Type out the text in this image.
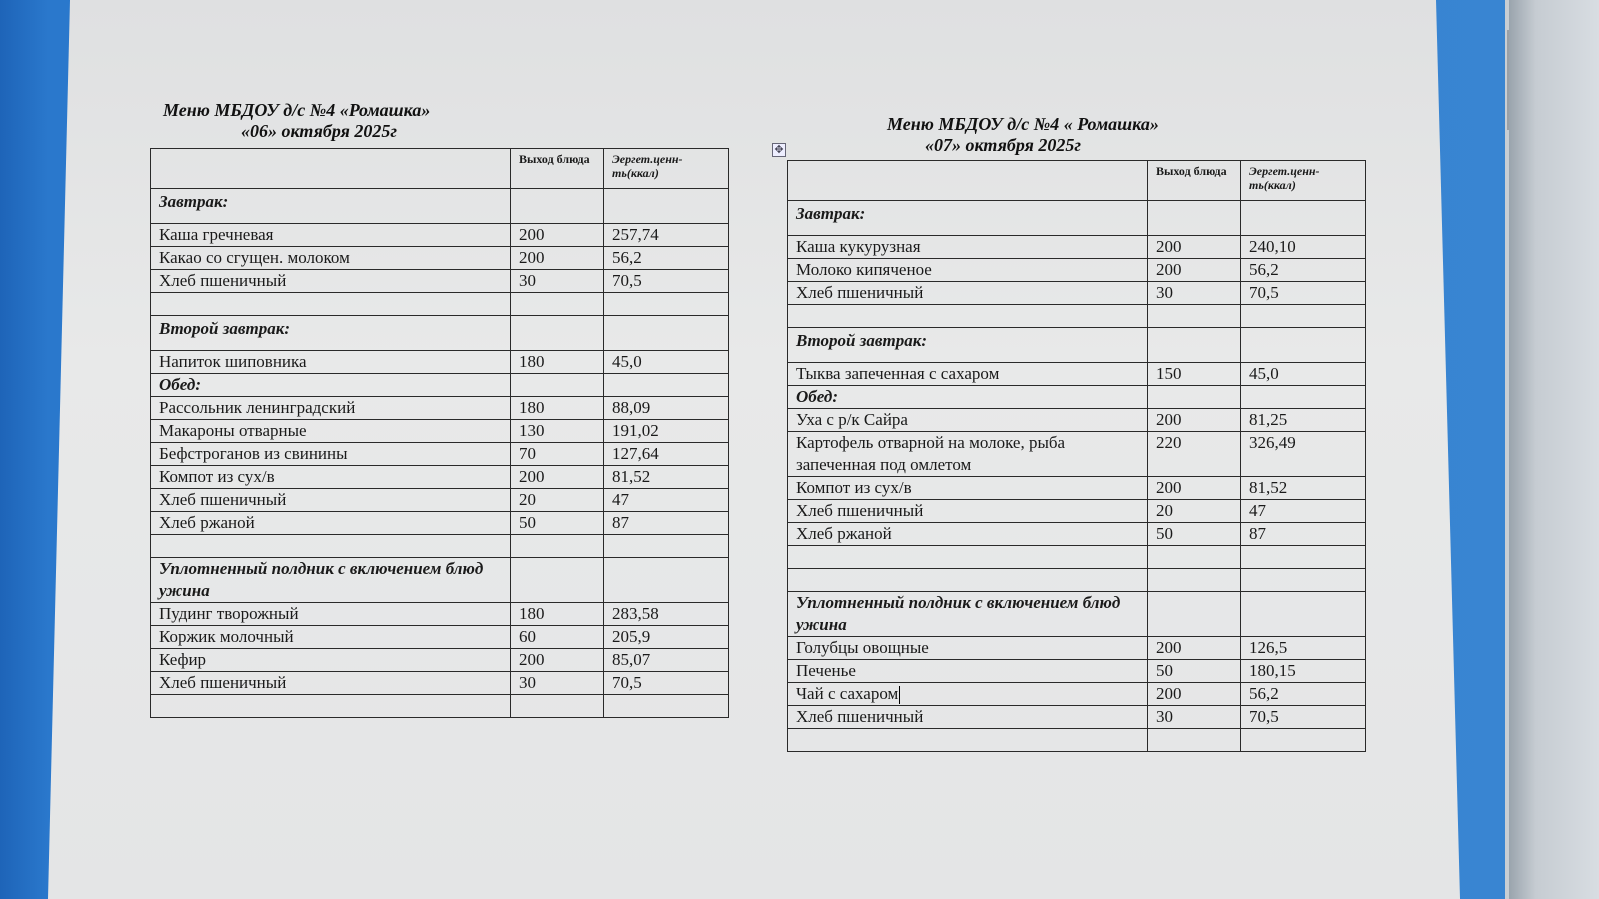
Меню МБДОУ д/с №4 «Ромашка»
«06» октября 2025г
	Выход блюда	Эергет.ценн-ть(ккал)
Завтрак:		
Каша гречневая	200	257,74
Какао со сгущен. молоком	200	56,2
Хлеб пшеничный	30	70,5

Второй завтрак:		
Напиток шиповника	180	45,0
Обед:		
Рассольник ленинградский	180	88,09
Макароны отварные	130	191,02
Бефстроганов из свинины	70	127,64
Компот из сух/в	200	81,52
Хлеб пшеничный	20	47
Хлеб ржаной	50	87

Уплотненный полдник с включением блюд ужина		
Пудинг творожный	180	283,58
Коржик молочный	60	205,9
Кефир	200	85,07
Хлеб пшеничный	30	70,5

✥
Меню МБДОУ д/с №4 « Ромашка»
«07» октября 2025г
	Выход блюда	Эергет.ценн-ть(ккал)
Завтрак:		
Каша кукурузная	200	240,10
Молоко кипяченое	200	56,2
Хлеб пшеничный	30	70,5

Второй завтрак:		
Тыква запеченная с сахаром	150	45,0
Обед:		
Уха с р/к Сайра	200	81,25
Картофель отварной на молоке, рыба запеченная под омлетом	220	326,49
Компот из сух/в	200	81,52
Хлеб пшеничный	20	47
Хлеб ржаной	50	87

Уплотненный полдник с включением блюд ужина		
Голубцы овощные	200	126,5
Печенье	50	180,15
Чай с сахаром	200	56,2
Хлеб пшеничный	30	70,5
